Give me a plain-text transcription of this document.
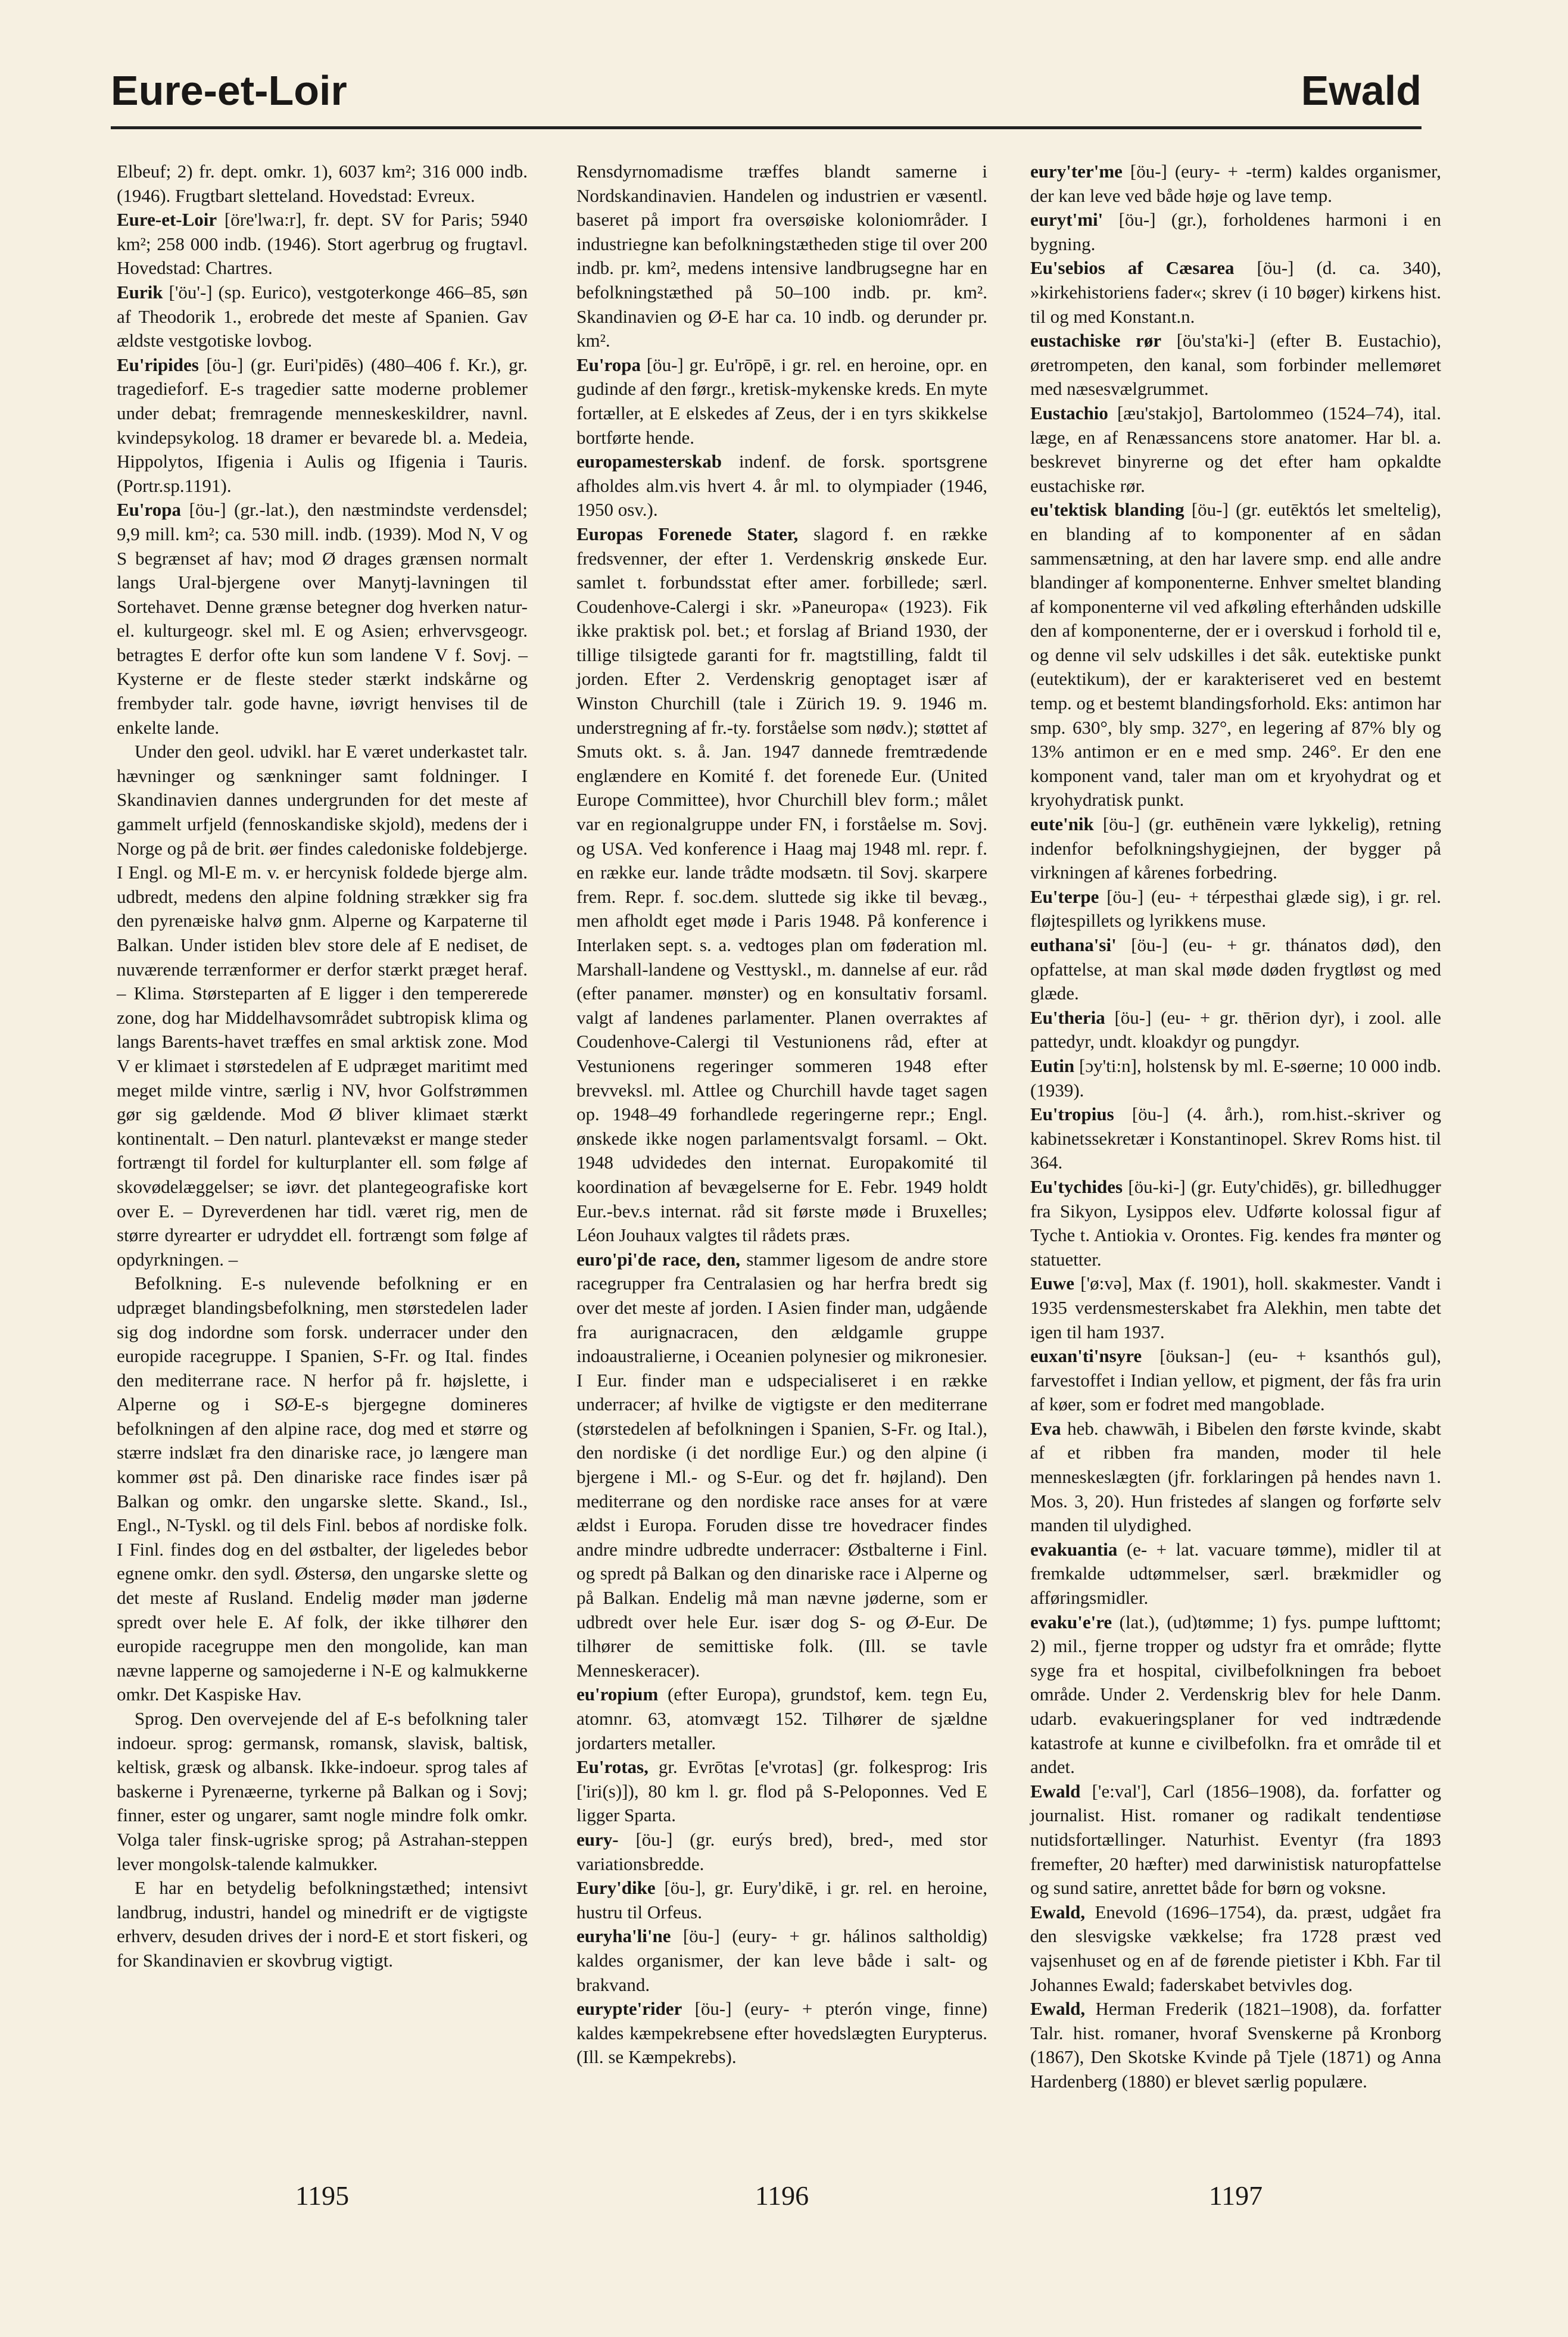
Eure-et-Loir	Ewald

Elbeuf; 2) fr. dept. omkr. 1), 6037 km²; 316 000 indb. (1946). Frugtbart sletteland. Hovedstad: Evreux.

Eure-et-Loir [öre'lwa:r], fr. dept. SV for Paris; 5940 km²; 258 000 indb. (1946). Stort agerbrug og frugtavl. Hovedstad: Chartres.

Eurik ['öu'-] (sp. Eurico), vestgoterkonge 466–85, søn af Theodorik 1., erobrede det meste af Spanien. Gav ældste vestgotiske lovbog.

Eu'ripides [öu-] (gr. Euri'pidēs) (480–406 f. Kr.), gr. tragedieforf. E-s tragedier satte moderne problemer under debat; fremragende menneskeskildrer, navnl. kvindepsykolog. 18 dramer er bevarede bl. a. Medeia, Hippolytos, Ifigenia i Aulis og Ifigenia i Tauris. (Portr.sp.1191).

Eu'ropa [öu-] (gr.-lat.), den næstmindste verdensdel; 9,9 mill. km²; ca. 530 mill. indb. (1939). Mod N, V og S begrænset af hav; mod Ø drages grænsen normalt langs Ural-bjergene over Manytj-lavningen til Sortehavet. Denne grænse betegner dog hverken natur- el. kulturgeogr. skel ml. E og Asien; erhvervsgeogr. betragtes E derfor ofte kun som landene V f. Sovj. – Kysterne er de fleste steder stærkt indskårne og frembyder talr. gode havne, iøvrigt henvises til de enkelte lande.

Under den geol. udvikl. har E været underkastet talr. hævninger og sænkninger samt foldninger. I Skandinavien dannes undergrunden for det meste af gammelt urfjeld (fennoskandiske skjold), medens der i Norge og på de brit. øer findes caledoniske foldebjerge. I Engl. og Ml-E m. v. er hercynisk foldede bjerge alm. udbredt, medens den alpine foldning strækker sig fra den pyrenæiske halvø gnm. Alperne og Karpaterne til Balkan. Under istiden blev store dele af E nediset, de nuværende terrænformer er derfor stærkt præget heraf. – Klima. Størsteparten af E ligger i den tempererede zone, dog har Middelhavsområdet subtropisk klima og langs Barents-havet træffes en smal arktisk zone. Mod V er klimaet i størstedelen af E udpræget maritimt med meget milde vintre, særlig i NV, hvor Golfstrømmen gør sig gældende. Mod Ø bliver klimaet stærkt kontinentalt. – Den naturl. plantevækst er mange steder fortrængt til fordel for kulturplanter ell. som følge af skovødelæggelser; se iøvr. det plantegeografiske kort over E. – Dyreverdenen har tidl. været rig, men de større dyrearter er udryddet ell. fortrængt som følge af opdyrkningen. –

Befolkning. E-s nulevende befolkning er en udpræget blandingsbefolkning, men størstedelen lader sig dog indordne som forsk. underracer under den europide racegruppe. I Spanien, S-Fr. og Ital. findes den mediterrane race. N herfor på fr. højslette, i Alperne og i SØ-E-s bjergegne domineres befolkningen af den alpine race, dog med et større og stærre indslæt fra den dinariske race, jo længere man kommer øst på. Den dinariske race findes især på Balkan og omkr. den ungarske slette. Skand., Isl., Engl., N-Tyskl. og til dels Finl. bebos af nordiske folk. I Finl. findes dog en del østbalter, der ligeledes bebor egnene omkr. den sydl. Østersø, den ungarske slette og det meste af Rusland. Endelig møder man jøderne spredt over hele E. Af folk, der ikke tilhører den europide racegruppe men den mongolide, kan man nævne lapperne og samojederne i N-E og kalmukkerne omkr. Det Kaspiske Hav.

Sprog. Den overvejende del af E-s befolkning taler indoeur. sprog: germansk, romansk, slavisk, baltisk, keltisk, græsk og albansk. Ikke-indoeur. sprog tales af baskerne i Pyrenæerne, tyrkerne på Balkan og i Sovj; finner, ester og ungarer, samt nogle mindre folk omkr. Volga taler finsk-ugriske sprog; på Astrahan-steppen lever mongolsk-talende kalmukker.

E har en betydelig befolkningstæthed; intensivt landbrug, industri, handel og minedrift er de vigtigste erhverv, desuden drives der i nord-E et stort fiskeri, og for Skandinavien er skovbrug vigtigt.

Rensdyrnomadisme træffes blandt samerne i Nordskandinavien. Handelen og industrien er væsentl. baseret på import fra oversøiske koloniområder. I industriegne kan befolkningstætheden stige til over 200 indb. pr. km², medens intensive landbrugsegne har en befolkningstæthed på 50–100 indb. pr. km². Skandinavien og Ø-E har ca. 10 indb. og derunder pr. km².

Eu'ropa [öu-] gr. Eu'rōpē, i gr. rel. en heroine, opr. en gudinde af den førgr., kretisk-mykenske kreds. En myte fortæller, at E elskedes af Zeus, der i en tyrs skikkelse bortførte hende.

europamesterskab indenf. de forsk. sportsgrene afholdes alm.vis hvert 4. år ml. to olympiader (1946, 1950 osv.).

Europas Forenede Stater, slagord f. en række fredsvenner, der efter 1. Verdenskrig ønskede Eur. samlet t. forbundsstat efter amer. forbillede; særl. Coudenhove-Calergi i skr. »Paneuropa« (1923). Fik ikke praktisk pol. bet.; et forslag af Briand 1930, der tillige tilsigtede garanti for fr. magtstilling, faldt til jorden. Efter 2. Verdenskrig genoptaget især af Winston Churchill (tale i Zürich 19. 9. 1946 m. understregning af fr.-ty. forståelse som nødv.); støttet af Smuts okt. s. å. Jan. 1947 dannede fremtrædende englændere en Komité f. det forenede Eur. (United Europe Committee), hvor Churchill blev form.; målet var en regionalgruppe under FN, i forståelse m. Sovj. og USA. Ved konference i Haag maj 1948 ml. repr. f. en række eur. lande trådte modsætn. til Sovj. skarpere frem. Repr. f. soc.dem. sluttede sig ikke til bevæg., men afholdt eget møde i Paris 1948. På konference i Interlaken sept. s. a. vedtoges plan om føderation ml. Marshall-landene og Vesttyskl., m. dannelse af eur. råd (efter panamer. mønster) og en konsultativ forsaml. valgt af landenes parlamenter. Planen overraktes af Coudenhove-Calergi til Vestunionens råd, efter at Vestunionens regeringer sommeren 1948 efter brevveksl. ml. Attlee og Churchill havde taget sagen op. 1948–49 forhandlede regeringerne repr.; Engl. ønskede ikke nogen parlamentsvalgt forsaml. – Okt. 1948 udvidedes den internat. Europakomité til koordination af bevægelserne for E. Febr. 1949 holdt Eur.-bev.s internat. råd sit første møde i Bruxelles; Léon Jouhaux valgtes til rådets præs.

euro'pi'de race, den, stammer ligesom de andre store racegrupper fra Centralasien og har herfra bredt sig over det meste af jorden. I Asien finder man, udgående fra aurignacracen, den ældgamle gruppe indoaustralierne, i Oceanien polynesier og mikronesier. I Eur. finder man e udspecialiseret i en række underracer; af hvilke de vigtigste er den mediterrane (størstedelen af befolkningen i Spanien, S-Fr. og Ital.), den nordiske (i det nordlige Eur.) og den alpine (i bjergene i Ml.- og S-Eur. og det fr. højland). Den mediterrane og den nordiske race anses for at være ældst i Europa. Foruden disse tre hovedracer findes andre mindre udbredte underracer: Østbalterne i Finl. og spredt på Balkan og den dinariske race i Alperne og på Balkan. Endelig må man nævne jøderne, som er udbredt over hele Eur. især dog S- og Ø-Eur. De tilhører de semittiske folk. (Ill. se tavle Menneskeracer).

eu'ropium (efter Europa), grundstof, kem. tegn Eu, atomnr. 63, atomvægt 152. Tilhører de sjældne jordarters metaller.

Eu'rotas, gr. Evrōtas [e'vrotas] (gr. folkesprog: Iris ['iri(s)]), 80 km l. gr. flod på S-Peloponnes. Ved E ligger Sparta.

eury- [öu-] (gr. eurýs bred), bred-, med stor variationsbredde.

Eury'dike [öu-], gr. Eury'dikē, i gr. rel. en heroine, hustru til Orfeus.

euryha'li'ne [öu-] (eury- + gr. hálinos saltholdig) kaldes organismer, der kan leve både i salt- og brakvand.

eurypte'rider [öu-] (eury- + pterón vinge, finne) kaldes kæmpekrebsene efter hovedslægten Eurypterus. (Ill. se Kæmpekrebs).

eury'ter'me [öu-] (eury- + -term) kaldes organismer, der kan leve ved både høje og lave temp.

euryt'mi' [öu-] (gr.), forholdenes harmoni i en bygning.

Eu'sebios af Cæsarea [öu-] (d. ca. 340), »kirkehistoriens fader«; skrev (i 10 bøger) kirkens hist. til og med Konstant.n.

eustachiske rør [öu'sta'ki-] (efter B. Eustachio), øretrompeten, den kanal, som forbinder mellemøret med næsesvælgrummet.

Eustachio [æu'stakjo], Bartolommeo (1524–74), ital. læge, en af Renæssancens store anatomer. Har bl. a. beskrevet binyrerne og det efter ham opkaldte eustachiske rør.

eu'tektisk blanding [öu-] (gr. eutēktós let smeltelig), en blanding af to komponenter af en sådan sammensætning, at den har lavere smp. end alle andre blandinger af komponenterne. Enhver smeltet blanding af komponenterne vil ved afkøling efterhånden udskille den af komponenterne, der er i overskud i forhold til e, og denne vil selv udskilles i det såk. eutektiske punkt (eutektikum), der er karakteriseret ved en bestemt temp. og et bestemt blandingsforhold. Eks: antimon har smp. 630°, bly smp. 327°, en legering af 87% bly og 13% antimon er en e med smp. 246°. Er den ene komponent vand, taler man om et kryohydrat og et kryohydratisk punkt.

eute'nik [öu-] (gr. euthēnein være lykkelig), retning indenfor befolkningshygiejnen, der bygger på virkningen af kårenes forbedring.

Eu'terpe [öu-] (eu- + térpesthai glæde sig), i gr. rel. fløjtespillets og lyrikkens muse.

euthana'si' [öu-] (eu- + gr. thánatos død), den opfattelse, at man skal møde døden frygtløst og med glæde.

Eu'theria [öu-] (eu- + gr. thērion dyr), i zool. alle pattedyr, undt. kloakdyr og pungdyr.

Eutin [ɔy'ti:n], holstensk by ml. E-søerne; 10 000 indb. (1939).

Eu'tropius [öu-] (4. årh.), rom.hist.-skriver og kabinetssekretær i Konstantinopel. Skrev Roms hist. til 364.

Eu'tychides [öu-ki-] (gr. Euty'chidēs), gr. billedhugger fra Sikyon, Lysippos elev. Udførte kolossal figur af Tyche t. Antiokia v. Orontes. Fig. kendes fra mønter og statuetter.

Euwe ['ø:və], Max (f. 1901), holl. skakmester. Vandt i 1935 verdensmesterskabet fra Alekhin, men tabte det igen til ham 1937.

euxan'ti'nsyre [öuksan-] (eu- + ksanthós gul), farvestoffet i Indian yellow, et pigment, der fås fra urin af køer, som er fodret med mangoblade.

Eva heb. chawwāh, i Bibelen den første kvinde, skabt af et ribben fra manden, moder til hele menneskeslægten (jfr. forklaringen på hendes navn 1. Mos. 3, 20). Hun fristedes af slangen og forførte selv manden til ulydighed.

evakuantia (e- + lat. vacuare tømme), midler til at fremkalde udtømmelser, særl. brækmidler og afføringsmidler.

evaku'e're (lat.), (ud)tømme; 1) fys. pumpe lufttomt; 2) mil., fjerne tropper og udstyr fra et område; flytte syge fra et hospital, civilbefolkningen fra beboet område. Under 2. Verdenskrig blev for hele Danm. udarb. evakueringsplaner for ved indtrædende katastrofe at kunne e civilbefolkn. fra et område til et andet.

Ewald ['e:val'], Carl (1856–1908), da. forfatter og journalist. Hist. romaner og radikalt tendentiøse nutidsfortællinger. Naturhist. Eventyr (fra 1893 fremefter, 20 hæfter) med darwinistisk naturopfattelse og sund satire, anrettet både for børn og voksne.

Ewald, Enevold (1696–1754), da. præst, udgået fra den slesvigske vækkelse; fra 1728 præst ved vajsenhuset og en af de førende pietister i Kbh. Far til Johannes Ewald; faderskabet betvivles dog.

Ewald, Herman Frederik (1821–1908), da. forfatter Talr. hist. romaner, hvoraf Svenskerne på Kronborg (1867), Den Skotske Kvinde på Tjele (1871) og Anna Hardenberg (1880) er blevet særlig populære.

1195	1196	1197
